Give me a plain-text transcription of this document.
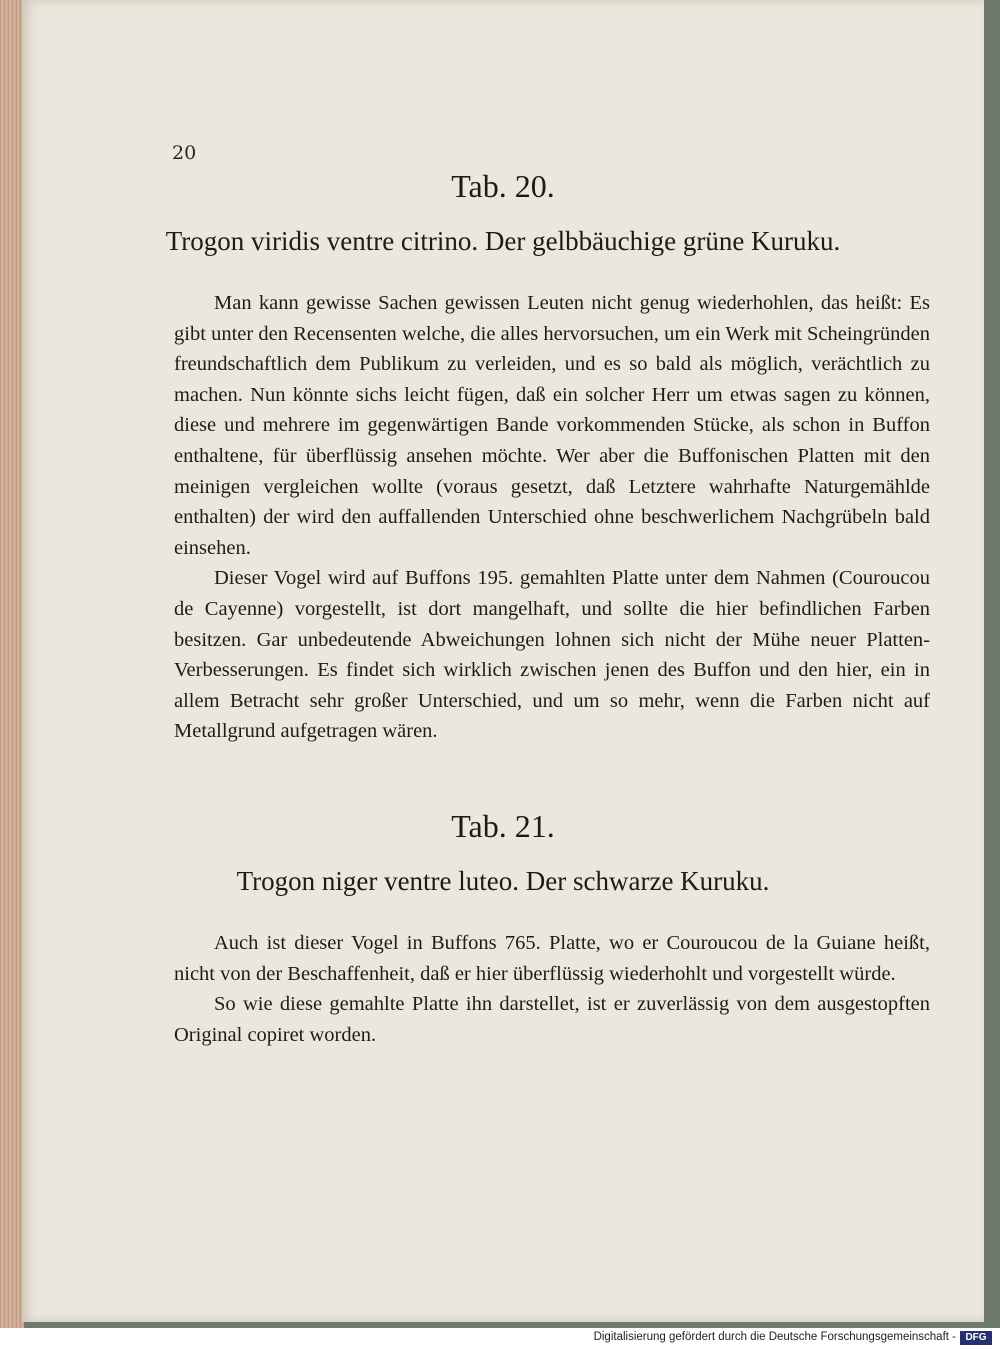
20
Tab. 20.
Trogon viridis ventre citrino. Der gelbbäuchige grüne Kuruku.

Man kann gewisse Sachen gewissen Leuten nicht genug wiederhohlen, das heißt: Es gibt unter den Recensenten welche, die alles hervorsuchen, um ein Werk mit Scheingründen freundschaftlich dem Publikum zu verleiden, und es so bald als möglich, verächtlich zu machen. Nun könnte sichs leicht fügen, daß ein solcher Herr um etwas sagen zu können, diese und mehrere im gegenwärtigen Bande vorkommenden Stücke, als schon in Buffon enthaltene, für überflüssig ansehen möchte. Wer aber die Buffonischen Platten mit den meinigen vergleichen wollte (voraus gesetzt, daß Letztere wahrhafte Naturgemählde enthalten) der wird den auffallenden Unterschied ohne beschwerlichem Nachgrübeln bald einsehen.

Dieser Vogel wird auf Buffons 195. gemahlten Platte unter dem Nahmen (Couroucou de Cayenne) vorgestellt, ist dort mangelhaft, und sollte die hier befindlichen Farben besitzen. Gar unbedeutende Abweichungen lohnen sich nicht der Mühe neuer Platten-Verbesserungen. Es findet sich wirklich zwischen jenen des Buffon und den hier, ein in allem Betracht sehr großer Unterschied, und um so mehr, wenn die Farben nicht auf Metallgrund aufgetragen wären.

Tab. 21.
Trogon niger ventre luteo. Der schwarze Kuruku.

Auch ist dieser Vogel in Buffons 765. Platte, wo er Couroucou de la Guiane heißt, nicht von der Beschaffenheit, daß er hier überflüssig wiederhohlt und vorgestellt würde.

So wie diese gemahlte Platte ihn darstellet, ist er zuverlässig von dem ausgestopften Original copiret worden.

Digitalisierung gefördert durch die Deutsche Forschungsgemeinschaft - DFG
